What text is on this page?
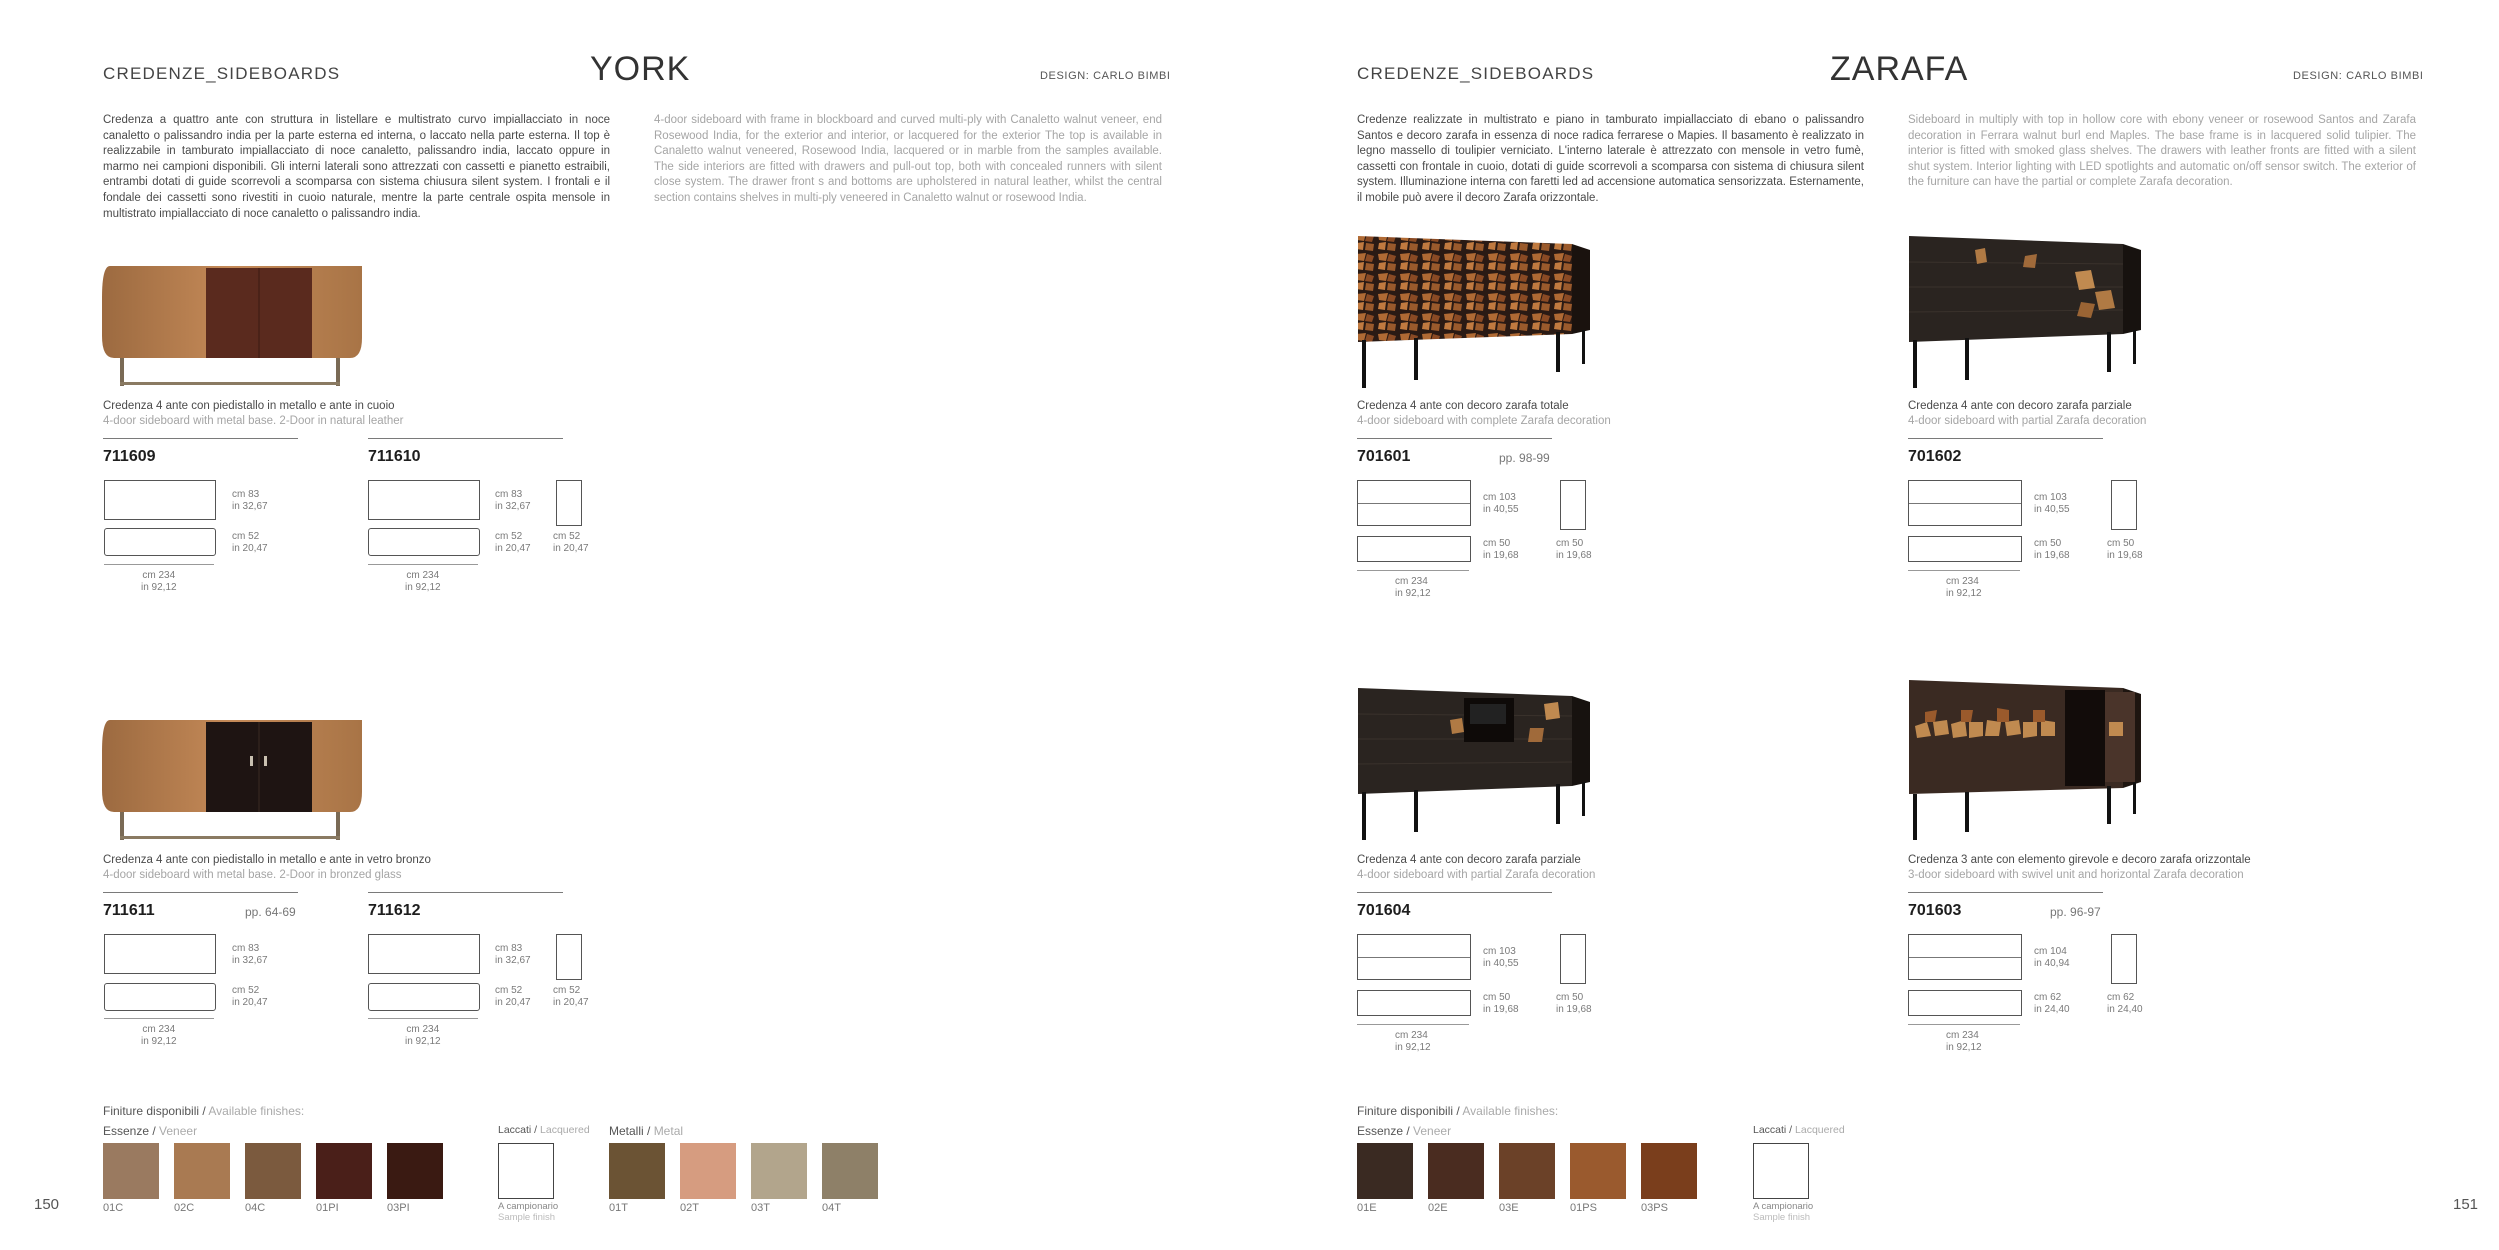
CREDENZE_SIDEBOARDS	YORK	DESIGN: CARLO BIMBI
Credenza a quattro ante con struttura in listellare e multistrato curvo impiallacciato in noce canaletto o palissandro india per la parte esterna ed interna, o laccato nella parte esterna. Il top è realizzabile in tamburato impiallacciato di noce canaletto, palissandro india, laccato oppure in marmo nei campioni disponibili. Gli interni laterali sono attrezzati con cassetti e pianetto estraibili, entrambi dotati di guide scorrevoli a scomparsa con sistema chiusura silent system. I frontali e il fondale dei cassetti sono rivestiti in cuoio naturale, mentre la parte centrale ospita mensole in multistrato impiallacciato di noce canaletto o palissandro india.
4-door sideboard with frame in blockboard and curved multi-ply with Canaletto walnut veneer, end Rosewood India, for the exterior and interior, or lacquered for the exterior The top is available in Canaletto walnut veneered, Rosewood India, lacquered or in marble from the samples available. The side interiors are fitted with drawers and pull-out top, both with concealed runners with silent close system. The drawer front s and bottoms are upholstered in natural leather, whilst the central section contains shelves in multi-ply veneered in Canaletto walnut or rosewood India.
Credenza 4 ante con piedistallo in metallo e ante in cuoio
4-door sideboard with metal base. 2-Door in natural leather
711609	711610
cm 83
in 32,67
cm 52
in 20,47
cm 234
in 92,12
cm 83
in 32,67
cm 52
in 20,47
cm 52
in 20,47
cm 234
in 92,12
Credenza 4 ante con piedistallo in metallo e ante in vetro bronzo
4-door sideboard with metal base. 2-Door in bronzed glass
711611	pp. 64-69	711612
cm 83
in 32,67
cm 52
in 20,47
cm 234
in 92,12
cm 83
in 32,67
cm 52
in 20,47
cm 52
in 20,47
cm 234
in 92,12
Finiture disponibili / Available finishes:
Essenze / Veneer
01C	02C	04C	01PI	03PI
Laccati / Lacquered
A campionario
Sample finish
Metalli / Metal
01T	02T	03T	04T
150
CREDENZE_SIDEBOARDS	ZARAFA	DESIGN: CARLO BIMBI
Credenze realizzate in multistrato e piano in tamburato impiallacciato di ebano o palissandro Santos e decoro zarafa in essenza di noce radica ferrarese o Mapies. Il basamento è realizzato in legno massello di toulipier verniciato. L'interno laterale è attrezzato con mensole in vetro fumè, cassetti con frontale in cuoio, dotati di guide scorrevoli a scomparsa con sistema di chiusura silent system. Illuminazione interna con faretti led ad accensione automatica sensorizzata. Esternamente, il mobile può avere il decoro Zarafa orizzontale.
Sideboard in multiply with top in hollow core with ebony veneer or rosewood Santos and Zarafa decoration in Ferrara walnut burl end Maples. The base frame is in lacquered solid tulipier. The interior is fitted with smoked glass shelves. The drawers with leather fronts are fitted with a silent shut system. Interior lighting with LED spotlights and automatic on/off sensor switch. The exterior of the furniture can have the partial or complete Zarafa decoration.
Credenza 4 ante con decoro zarafa totale
4-door sideboard with complete Zarafa decoration
701601	pp. 98-99
cm 103
in 40,55
cm 50
in 19,68
cm 50
in 19,68
cm 234
in 92,12
Credenza 4 ante con decoro zarafa parziale
4-door sideboard with partial Zarafa decoration
701602
cm 103
in 40,55
cm 50
in 19,68
cm 50
in 19,68
cm 234
in 92,12
Credenza 4 ante con decoro zarafa parziale
4-door sideboard with partial Zarafa decoration
701604
cm 103
in 40,55
cm 50
in 19,68
cm 50
in 19,68
cm 234
in 92,12
Credenza 3 ante con elemento girevole e decoro zarafa orizzontale
3-door sideboard with swivel unit and horizontal Zarafa decoration
701603	pp. 96-97
cm 104
in 40,94
cm 62
in 24,40
cm 62
in 24,40
cm 234
in 92,12
Finiture disponibili / Available finishes:
Essenze / Veneer
01E	02E	03E	01PS	03PS
Laccati / Lacquered
A campionario
Sample finish
151
